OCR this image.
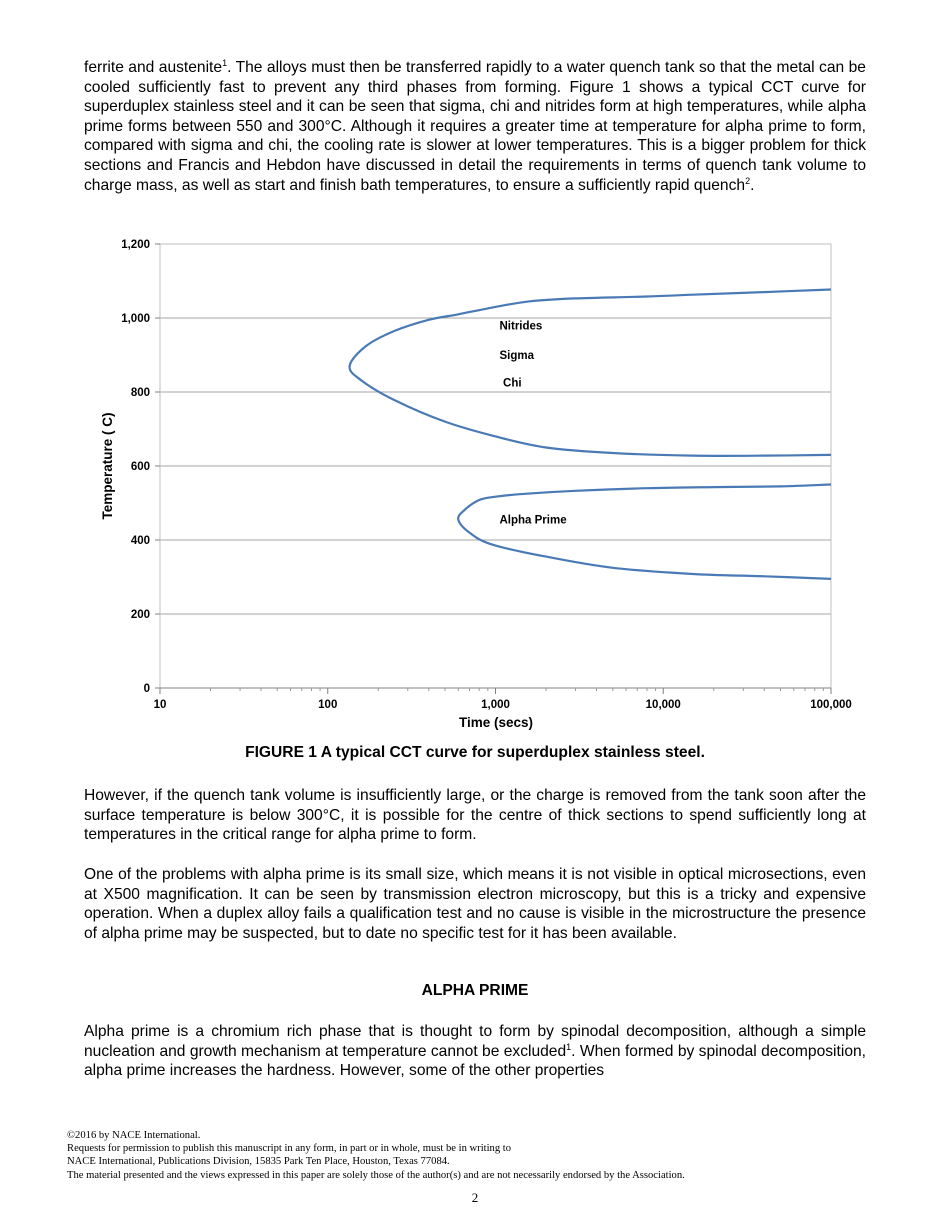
ferrite and austenite$^1$. The alloys must then be transferred rapidly to a water quench tank so that the metal can be cooled sufficiently fast to prevent any third phases from forming. Figure 1 shows a typical CCT curve for superduplex stainless steel and it can be seen that sigma, chi and nitrides form at high temperatures, while alpha prime forms between 550 and 300°C. Although it requires a greater time at temperature for alpha prime to form, compared with sigma and chi, the cooling rate is slower at lower temperatures. This is a bigger problem for thick sections and Francis and Hebdon have discussed in detail the requirements in terms of quench tank volume to charge mass, as well as start and finish bath temperatures, to ensure a sufficiently rapid quench$^2$.

0
200
400
600
800
1,000
1,200
10	100	1,000	10,000	100,000
Nitrides
Sigma
Chi
Alpha Prime
Time (secs)
Temperature ( C)

FIGURE 1 A typical CCT curve for superduplex stainless steel.

However, if the quench tank volume is insufficiently large, or the charge is removed from the tank soon after the surface temperature is below 300°C, it is possible for the centre of thick sections to spend sufficiently long at temperatures in the critical range for alpha prime to form.

One of the problems with alpha prime is its small size, which means it is not visible in optical microsections, even at X500 magnification. It can be seen by transmission electron microscopy, but this is a tricky and expensive operation. When a duplex alloy fails a qualification test and no cause is visible in the microstructure the presence of alpha prime may be suspected, but to date no specific test for it has been available.

ALPHA PRIME

Alpha prime is a chromium rich phase that is thought to form by spinodal decomposition, although a simple nucleation and growth mechanism at temperature cannot be excluded$^1$. When formed by spinodal decomposition, alpha prime increases the hardness. However, some of the other properties

©2016 by NACE International.
Requests for permission to publish this manuscript in any form, in part or in whole, must be in writing to
NACE International, Publications Division, 15835 Park Ten Place, Houston, Texas 77084.
The material presented and the views expressed in this paper are solely those of the author(s) and are not necessarily endorsed by the Association.
2
